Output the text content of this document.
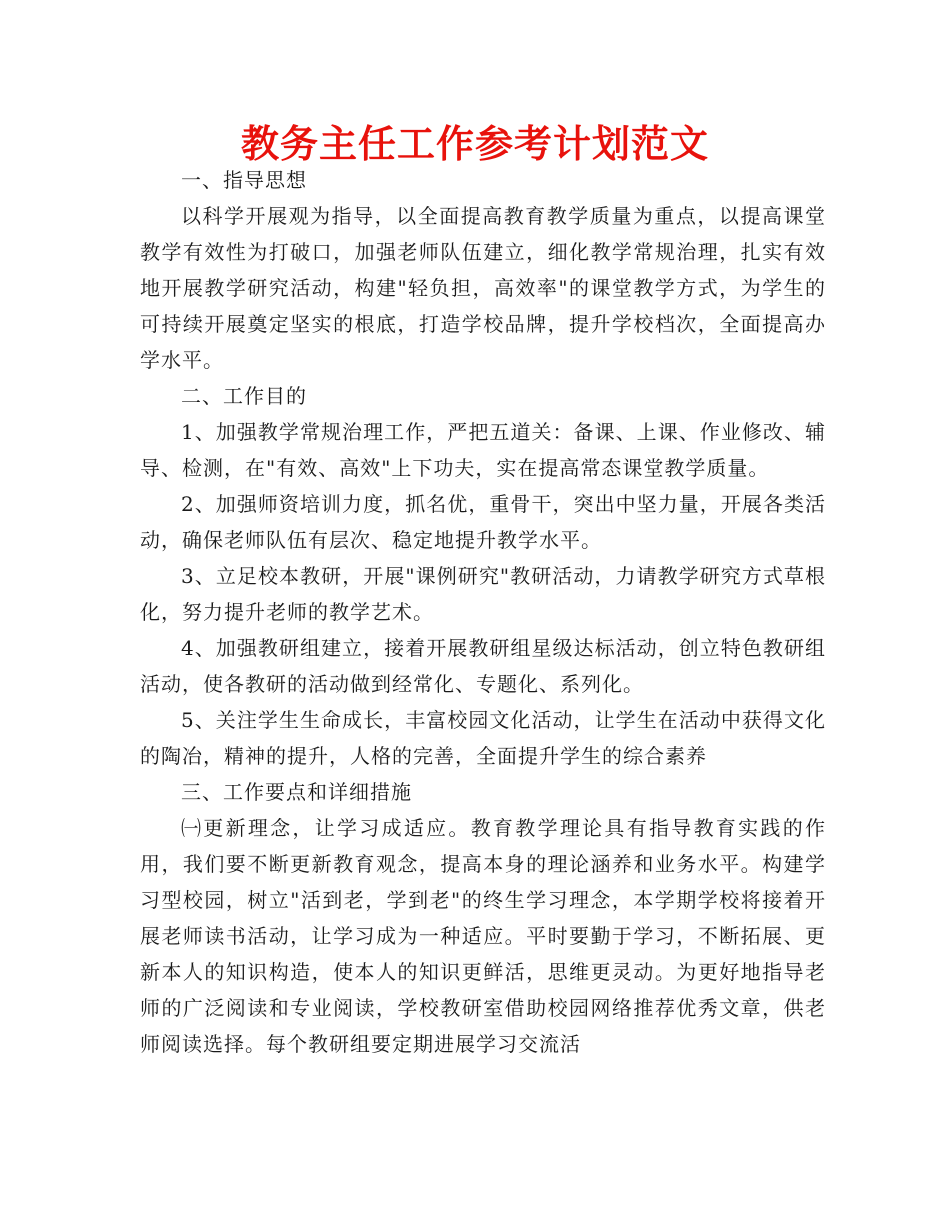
教务主任工作参考计划范文

一、指导思想

以科学开展观为指导，以全面提高教育教学质量为重点，以提高课堂教学有效性为打破口，加强老师队伍建立，细化教学常规治理，扎实有效地开展教学研究活动，构建"轻负担，高效率"的课堂教学方式，为学生的可持续开展奠定坚实的根底，打造学校品牌，提升学校档次，全面提高办学水平。

二、工作目的

1、加强教学常规治理工作，严把五道关：备课、上课、作业修改、辅导、检测，在"有效、高效"上下功夫，实在提高常态课堂教学质量。

2、加强师资培训力度，抓名优，重骨干，突出中坚力量，开展各类活动，确保老师队伍有层次、稳定地提升教学水平。

3、立足校本教研，开展"课例研究"教研活动，力请教学研究方式草根化，努力提升老师的教学艺术。

4、加强教研组建立，接着开展教研组星级达标活动，创立特色教研组活动，使各教研的活动做到经常化、专题化、系列化。

5、关注学生生命成长，丰富校园文化活动，让学生在活动中获得文化的陶冶，精神的提升，人格的完善，全面提升学生的综合素养

三、工作要点和详细措施

㈠更新理念，让学习成适应。教育教学理论具有指导教育实践的作用，我们要不断更新教育观念，提高本身的理论涵养和业务水平。构建学习型校园，树立"活到老，学到老"的终生学习理念，本学期学校将接着开展老师读书活动，让学习成为一种适应。平时要勤于学习，不断拓展、更新本人的知识构造，使本人的知识更鲜活，思维更灵动。为更好地指导老师的广泛阅读和专业阅读，学校教研室借助校园网络推荐优秀文章，供老师阅读选择。每个教研组要定期进展学习交流活
